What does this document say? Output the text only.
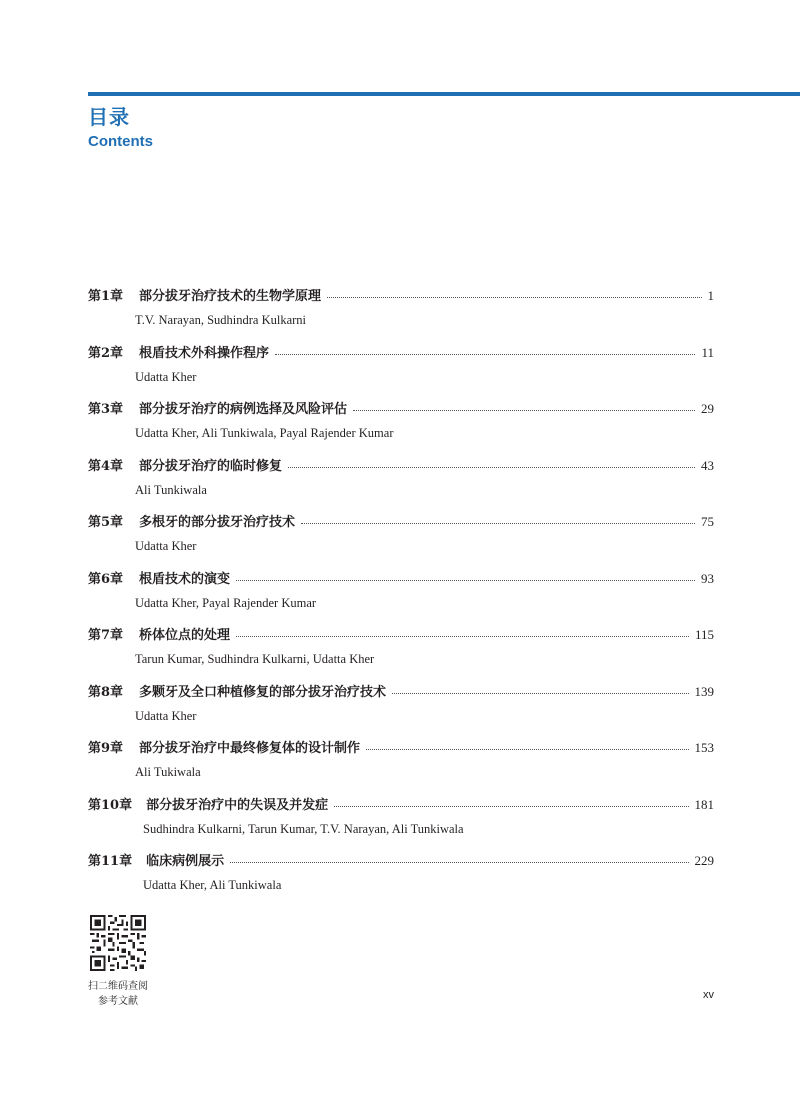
目录
Contents
第1章 部分拔牙治疗技术的生物学原理	1
T.V. Narayan, Sudhindra Kulkarni
第2章 根盾技术外科操作程序	11
Udatta Kher
第3章 部分拔牙治疗的病例选择及风险评估	29
Udatta Kher, Ali Tunkiwala, Payal Rajender Kumar
第4章 部分拔牙治疗的临时修复	43
Ali Tunkiwala
第5章 多根牙的部分拔牙治疗技术	75
Udatta Kher
第6章 根盾技术的演变	93
Udatta Kher, Payal Rajender Kumar
第7章 桥体位点的处理	115
Tarun Kumar, Sudhindra Kulkarni, Udatta Kher
第8章 多颗牙及全口种植修复的部分拔牙治疗技术	139
Udatta Kher
第9章 部分拔牙治疗中最终修复体的设计制作	153
Ali Tukiwala
第10章 部分拔牙治疗中的失误及并发症	181
Sudhindra Kulkarni, Tarun Kumar, T.V. Narayan, Ali Tunkiwala
第11章 临床病例展示	229
Udatta Kher, Ali Tunkiwala
扫二维码查阅
参考文献
xv
